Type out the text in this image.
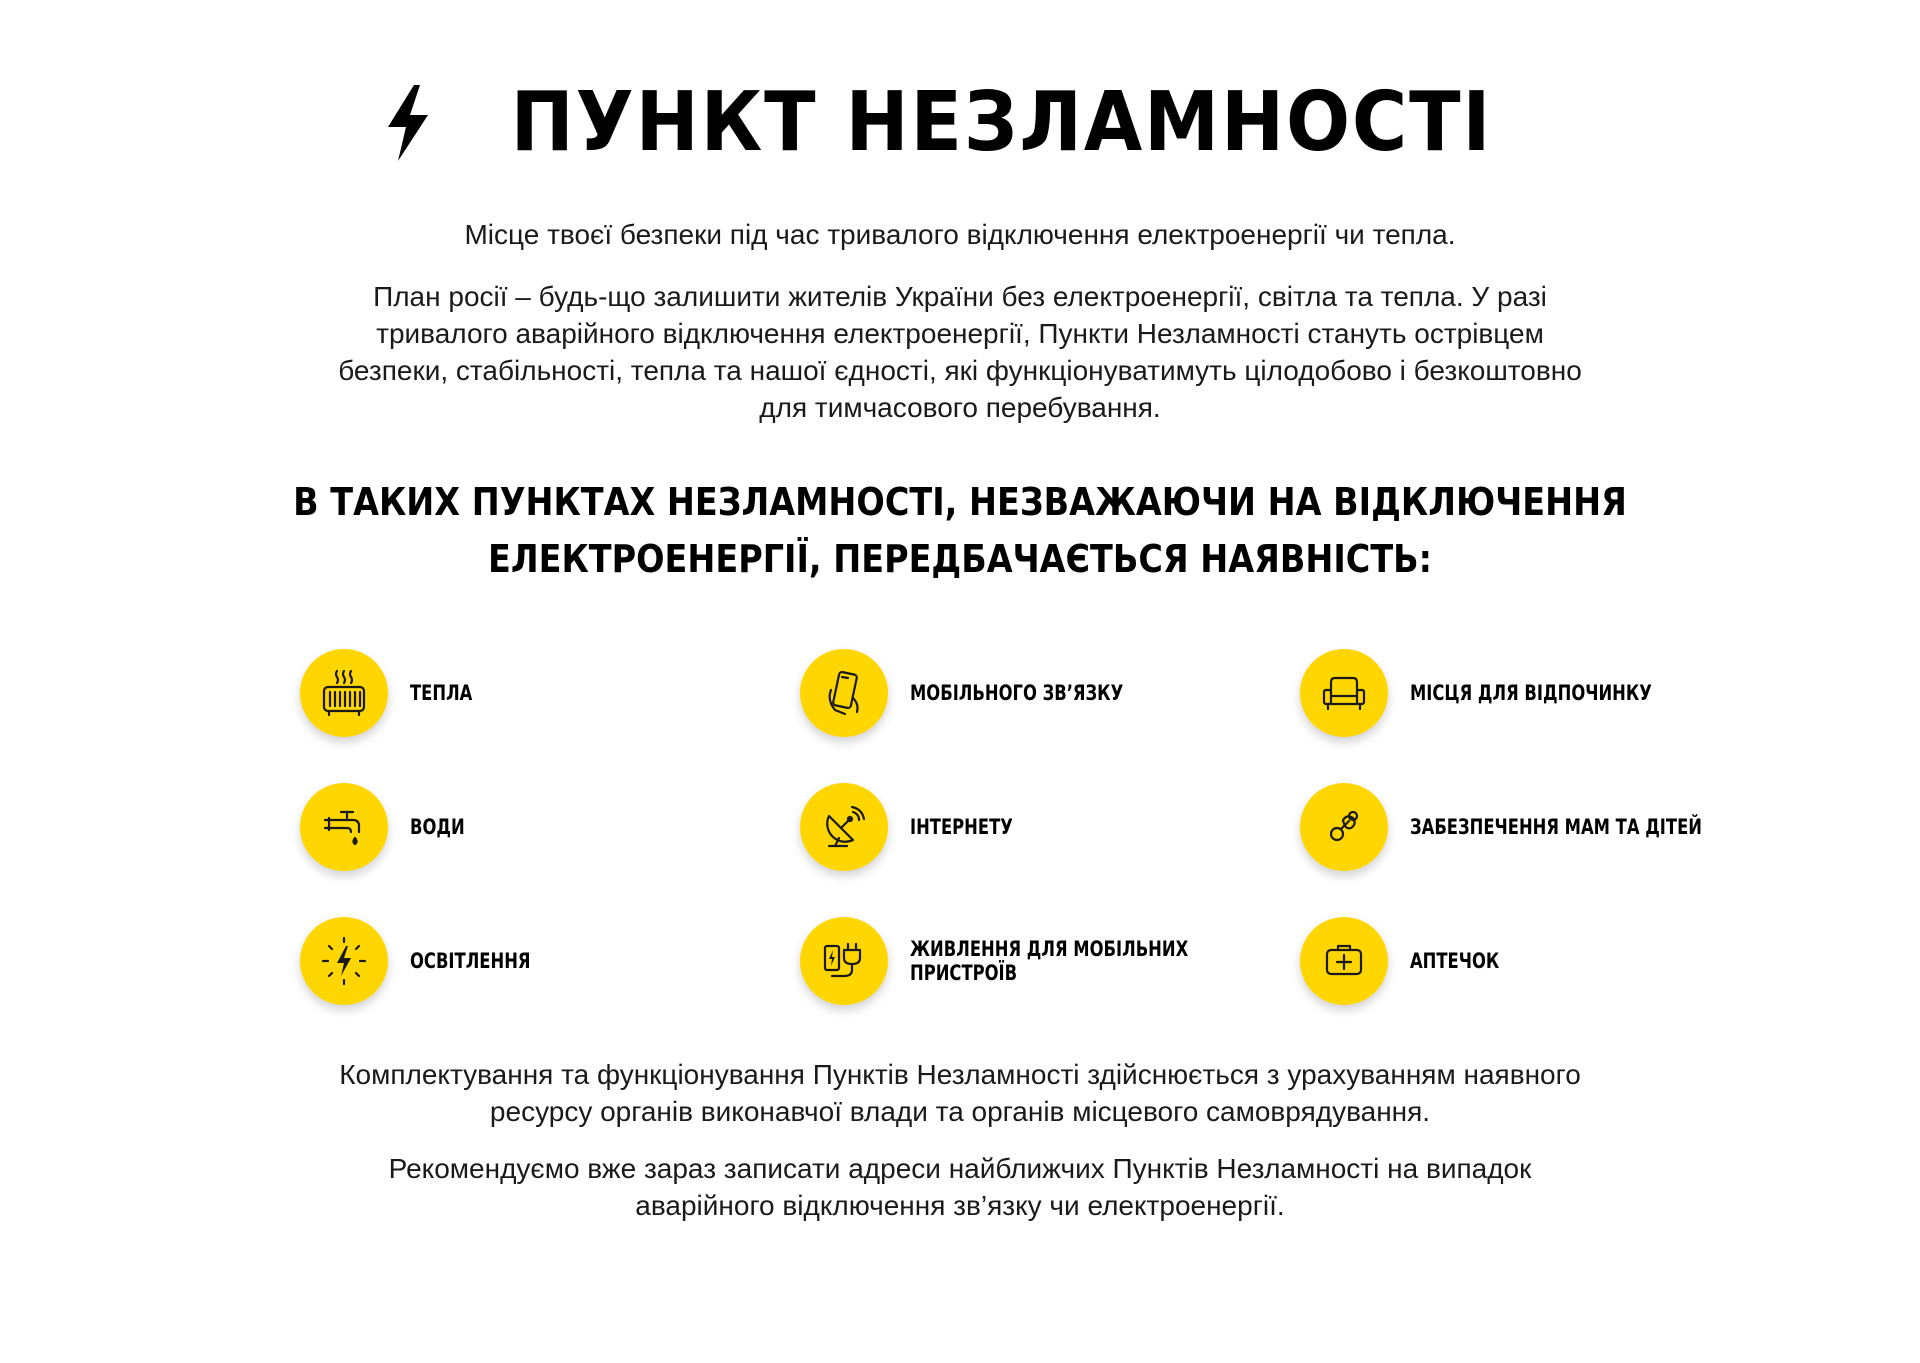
ПУНКТ НЕЗЛАМНОСТІ

Місце твоєї безпеки під час тривалого відключення електроенергії чи тепла.

План росії – будь-що залишити жителів України без електроенергії, світла та тепла. У разі
тривалого аварійного відключення електроенергії, Пункти Незламності стануть острівцем
безпеки, стабільності, тепла та нашої єдності, які функціонуватимуть цілодобово і безкоштовно
для тимчасового перебування.

В ТАКИХ ПУНКТАХ НЕЗЛАМНОСТІ, НЕЗВАЖАЮЧИ НА ВІДКЛЮЧЕННЯ
ЕЛЕКТРОЕНЕРГІЇ, ПЕРЕДБАЧАЄТЬСЯ НАЯВНІСТЬ:
ТЕПЛА	МОБІЛЬНОГО ЗВ’ЯЗКУ	МІСЦЯ ДЛЯ ВІДПОЧИНКУ
ВОДИ	ІНТЕРНЕТУ	ЗАБЕЗПЕЧЕННЯ МАМ ТА ДІТЕЙ
ОСВІТЛЕННЯ	ЖИВЛЕННЯ ДЛЯ МОБІЛЬНИХ
ПРИСТРОЇВ	АПТЕЧОК

Комплектування та функціонування Пунктів Незламності здійснюється з урахуванням наявного
ресурсу органів виконавчої влади та органів місцевого самоврядування.

Рекомендуємо вже зараз записати адреси найближчих Пунктів Незламності на випадок
аварійного відключення зв’язку чи електроенергії.
